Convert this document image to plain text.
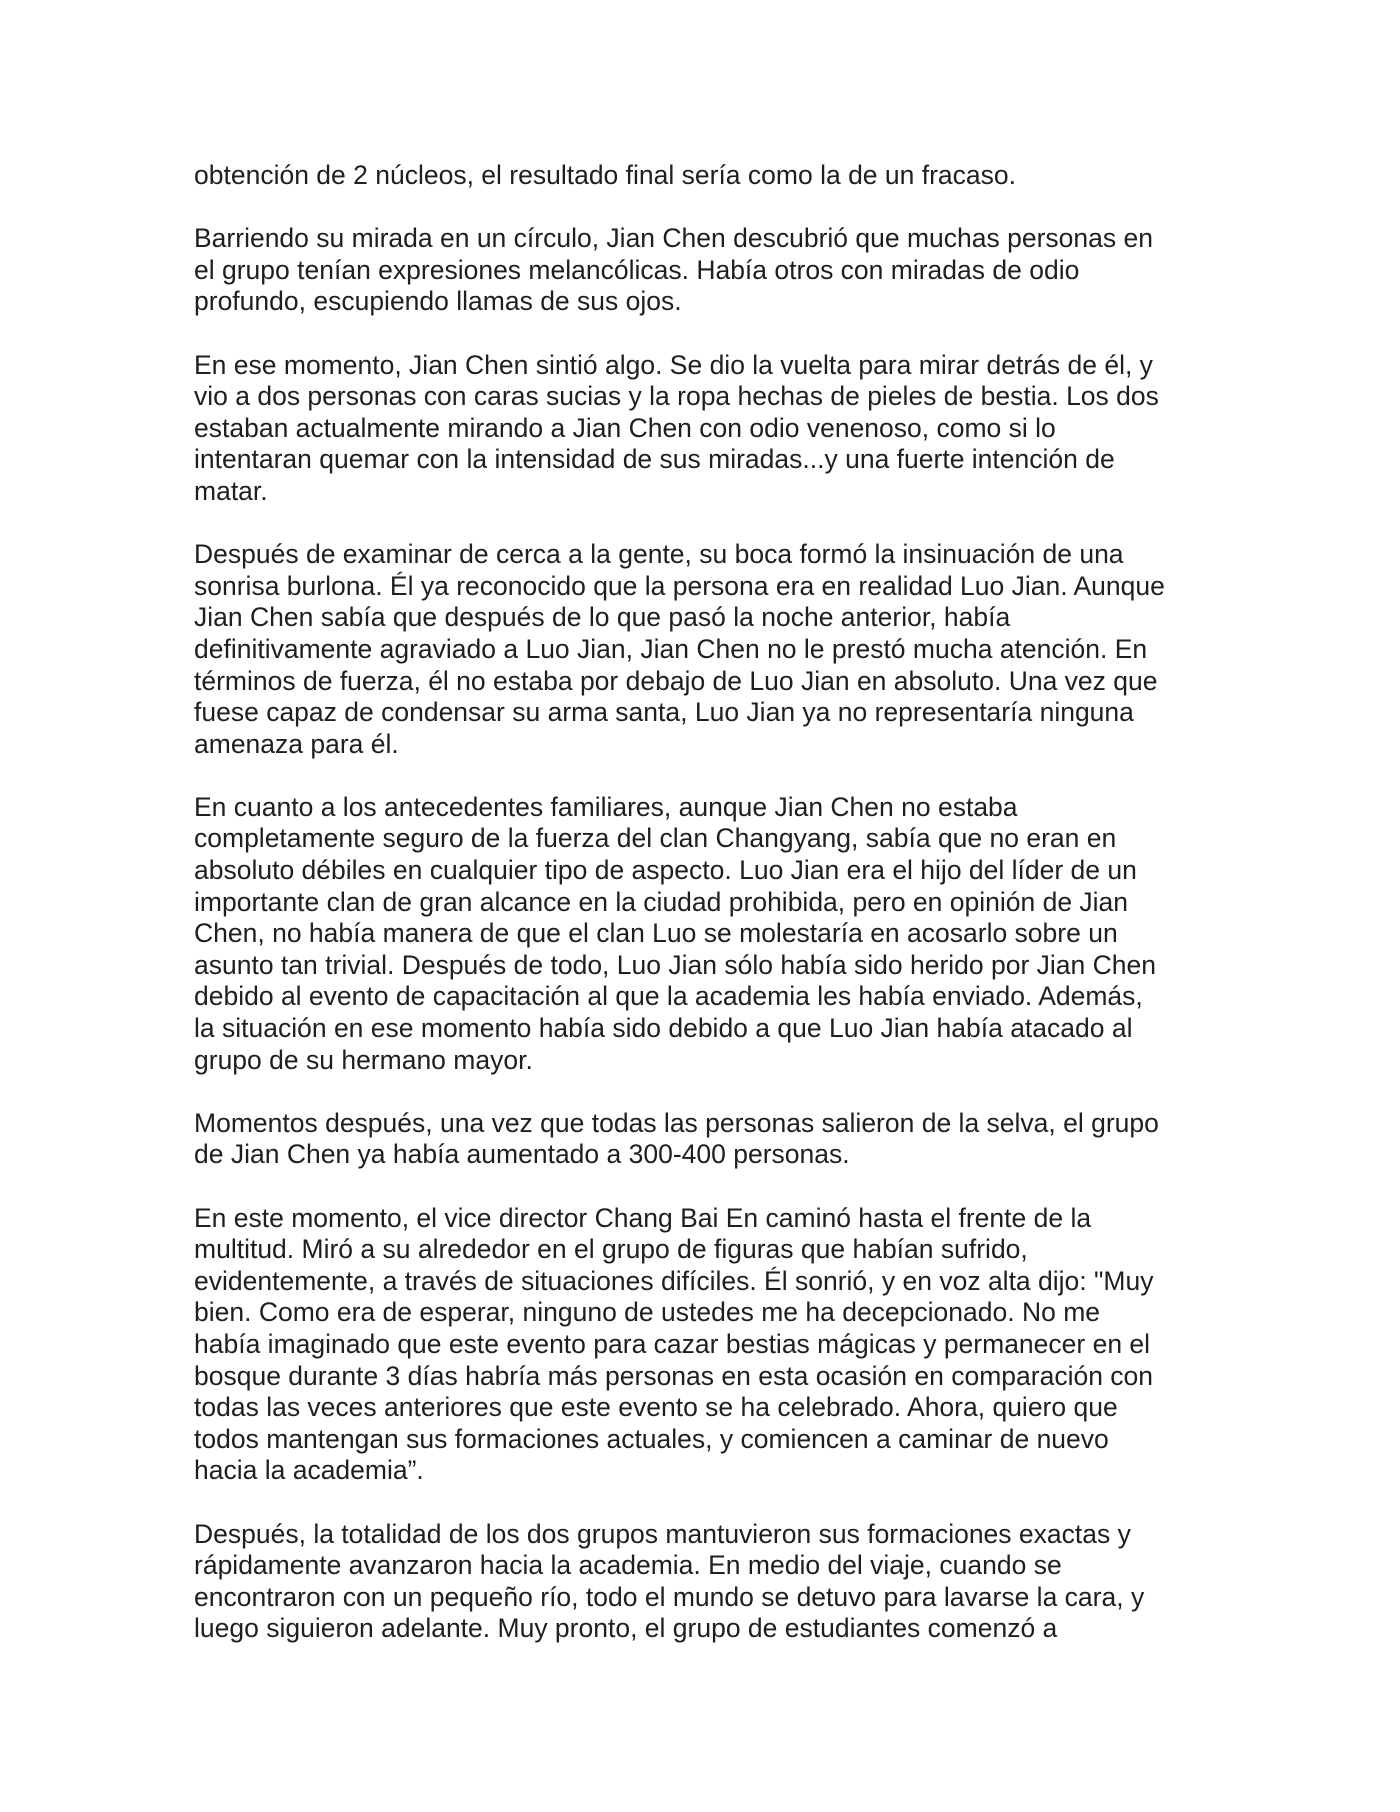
obtención de 2 núcleos, el resultado final sería como la de un fracaso.
Barriendo su mirada en un círculo, Jian Chen descubrió que muchas personas en
el grupo tenían expresiones melancólicas. Había otros con miradas de odio
profundo, escupiendo llamas de sus ojos.
En ese momento, Jian Chen sintió algo. Se dio la vuelta para mirar detrás de él, y
vio a dos personas con caras sucias y la ropa hechas de pieles de bestia. Los dos
estaban actualmente mirando a Jian Chen con odio venenoso, como si lo
intentaran quemar con la intensidad de sus miradas...y una fuerte intención de
matar.
Después de examinar de cerca a la gente, su boca formó la insinuación de una
sonrisa burlona. Él ya reconocido que la persona era en realidad Luo Jian. Aunque
Jian Chen sabía que después de lo que pasó la noche anterior, había
definitivamente agraviado a Luo Jian, Jian Chen no le prestó mucha atención. En
términos de fuerza, él no estaba por debajo de Luo Jian en absoluto. Una vez que
fuese capaz de condensar su arma santa, Luo Jian ya no representaría ninguna
amenaza para él.
En cuanto a los antecedentes familiares, aunque Jian Chen no estaba
completamente seguro de la fuerza del clan Changyang, sabía que no eran en
absoluto débiles en cualquier tipo de aspecto. Luo Jian era el hijo del líder de un
importante clan de gran alcance en la ciudad prohibida, pero en opinión de Jian
Chen, no había manera de que el clan Luo se molestaría en acosarlo sobre un
asunto tan trivial. Después de todo, Luo Jian sólo había sido herido por Jian Chen
debido al evento de capacitación al que la academia les había enviado. Además,
la situación en ese momento había sido debido a que Luo Jian había atacado al
grupo de su hermano mayor.
Momentos después, una vez que todas las personas salieron de la selva, el grupo
de Jian Chen ya había aumentado a 300-400 personas.
En este momento, el vice director Chang Bai En caminó hasta el frente de la
multitud. Miró a su alrededor en el grupo de figuras que habían sufrido,
evidentemente, a través de situaciones difíciles. Él sonrió, y en voz alta dijo: "Muy
bien. Como era de esperar, ninguno de ustedes me ha decepcionado. No me
había imaginado que este evento para cazar bestias mágicas y permanecer en el
bosque durante 3 días habría más personas en esta ocasión en comparación con
todas las veces anteriores que este evento se ha celebrado. Ahora, quiero que
todos mantengan sus formaciones actuales, y comiencen a caminar de nuevo
hacia la academia”.
Después, la totalidad de los dos grupos mantuvieron sus formaciones exactas y
rápidamente avanzaron hacia la academia. En medio del viaje, cuando se
encontraron con un pequeño río, todo el mundo se detuvo para lavarse la cara, y
luego siguieron adelante. Muy pronto, el grupo de estudiantes comenzó a
